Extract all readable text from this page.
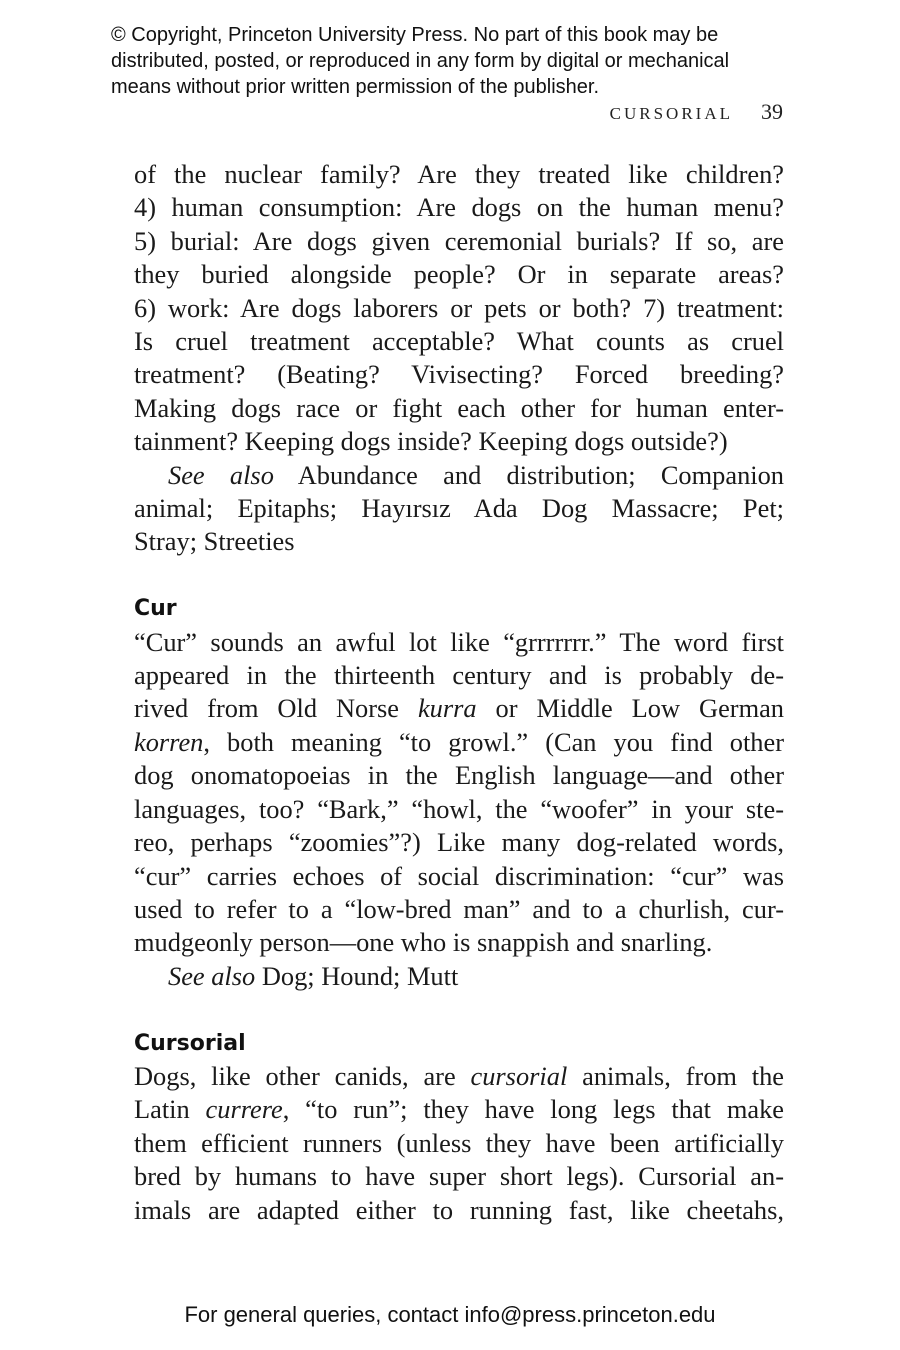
© Copyright, Princeton University Press. No part of this book may be
distributed, posted, or reproduced in any form by digital or mechanical
means without prior written permission of the publisher.
CURSORIAL 39

of the nuclear family? Are they treated like children?
4) human consumption: Are dogs on the human menu?
5) burial: Are dogs given ceremonial burials? If so, are
they buried alongside people? Or in separate areas?
6) work: Are dogs laborers or pets or both? 7) treatment:
Is cruel treatment acceptable? What counts as cruel
treatment? (Beating? Vivisecting? Forced breeding?
Making dogs race or fight each other for human enter-
tainment? Keeping dogs inside? Keeping dogs outside?)

See also Abundance and distribution; Companion
animal; Epitaphs; Hayırsız Ada Dog Massacre; Pet;
Stray; Streeties

Cur

“Cur” sounds an awful lot like “grrrrrrr.” The word first
appeared in the thirteenth century and is probably de-
rived from Old Norse kurra or Middle Low German
korren, both meaning “to growl.” (Can you find other
dog onomatopoeias in the English language—and other
languages, too? “Bark,” “howl, the “woofer” in your ste-
reo, perhaps “zoomies”?) Like many dog-related words,
“cur” carries echoes of social discrimination: “cur” was
used to refer to a “low-bred man” and to a churlish, cur-
mudgeonly person—one who is snappish and snarling.

See also Dog; Hound; Mutt

Cursorial

Dogs, like other canids, are cursorial animals, from the
Latin currere, “to run”; they have long legs that make
them efficient runners (unless they have been artificially
bred by humans to have super short legs). Cursorial an-
imals are adapted either to running fast, like cheetahs,

For general queries, contact info@press.princeton.edu
